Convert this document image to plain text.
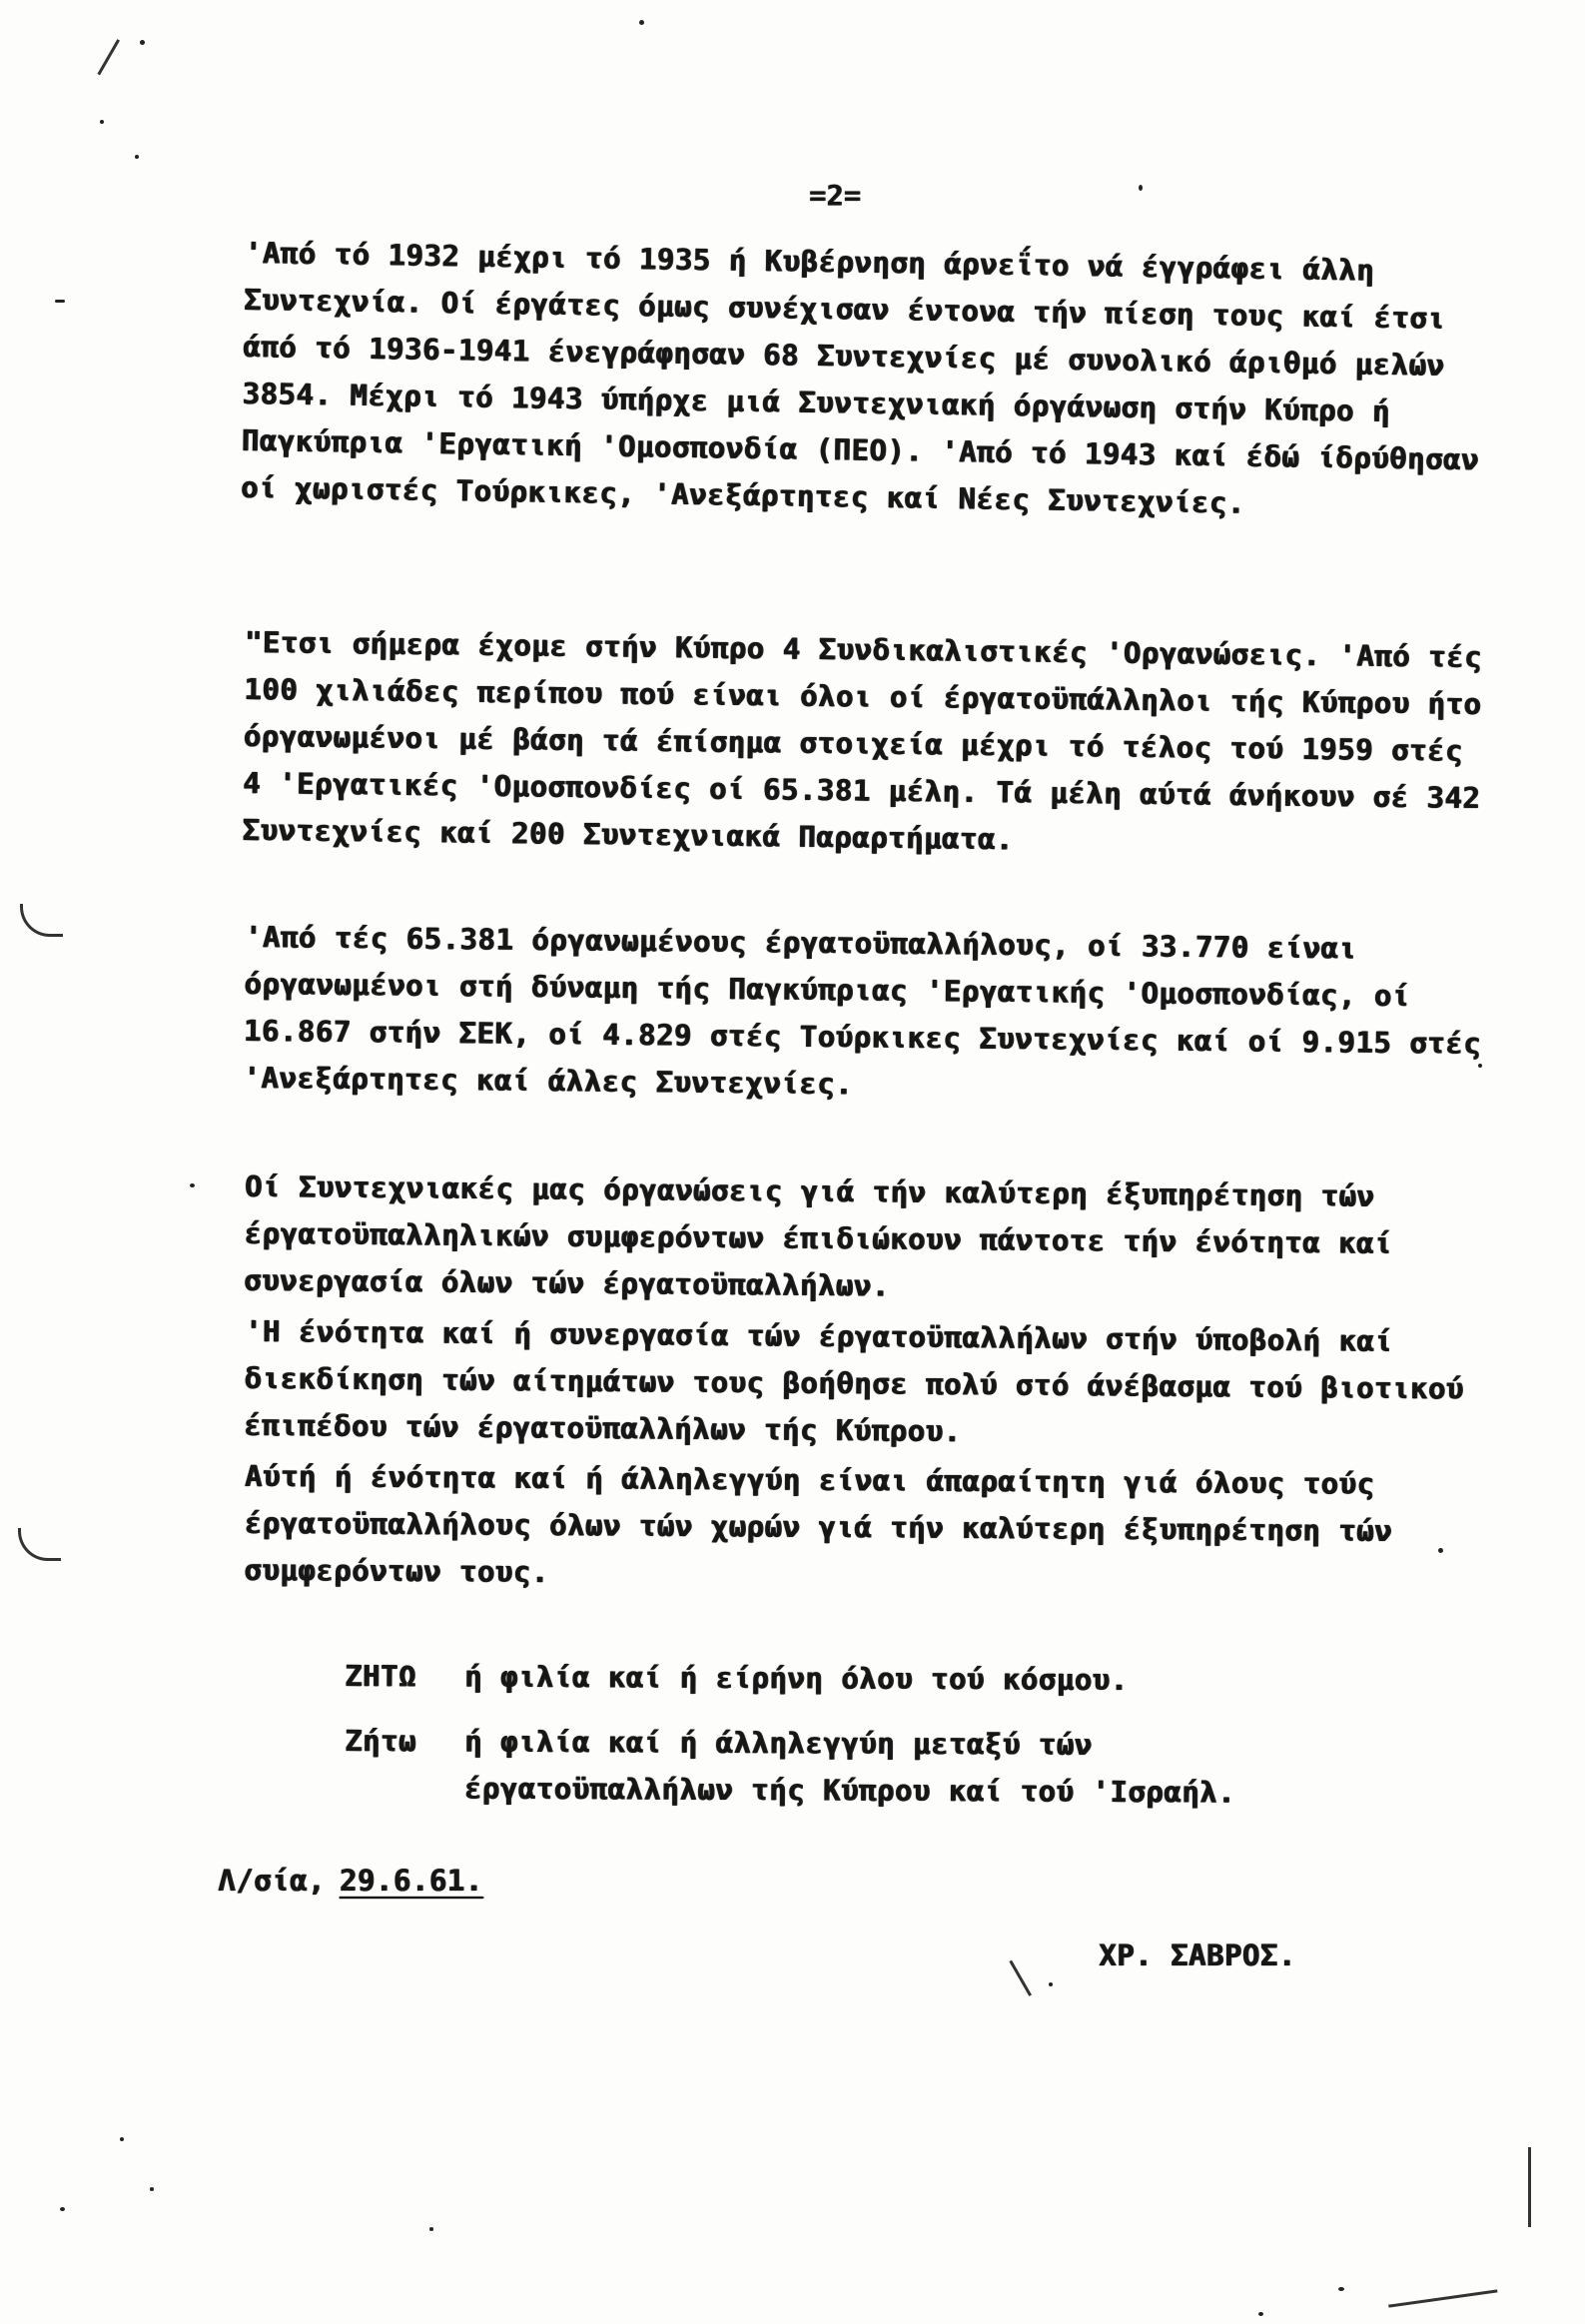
=2=

'Από τό 1932 μέχρι τό 1935 ή Κυβέρνηση άρνεΐτο νά έγγράφει άλλη Συντεχνία. Οί έργάτες όμως συνέχισαν έντονα τήν πίεση τους καί έτσι άπό τό 1936-1941 ένεγράφησαν 68 Συντεχνίες μέ συνολικό άριθμό μελών 3854. Μέχρι τό 1943 ύπήρχε μιά Συντεχνιακή όργάνωση στήν Κύπρο ή Παγκύπρια 'Εργατική 'Ομοσπονδία (ΠΕΟ). 'Από τό 1943 καί έδώ ίδρύθησαν οί χωριστές Τούρκικες, 'Ανεξάρτητες καί Νέες Συντεχνίες.

"Ετσι σήμερα έχομε στήν Κύπρο 4 Συνδικαλιστικές 'Οργανώσεις. 'Από τές 100 χιλιάδες περίπου πού είναι όλοι οί έργατοϋπάλληλοι τής Κύπρου ήτο όργανωμένοι μέ βάση τά έπίσημα στοιχεία μέχρι τό τέλος τού 1959 στές 4 'Εργατικές 'Ομοσπονδίες οί 65.381 μέλη. Τά μέλη αύτά άνήκουν σέ 342 Συντεχνίες καί 200 Συντεχνιακά Παραρτήματα.

'Από τές 65.381 όργανωμένους έργατοϋπαλλήλους, οί 33.770 είναι όργανωμένοι στή δύναμη τής Παγκύπριας 'Εργατικής 'Ομοσπονδίας, οί 16.867 στήν ΣΕΚ, οί 4.829 στές Τούρκικες Συντεχνίες καί οί 9.915 στές 'Ανεξάρτητες καί άλλες Συντεχνίες.

Οί Συντεχνιακές μας όργανώσεις γιά τήν καλύτερη έξυπηρέτηση τών έργατοϋπαλληλικών συμφερόντων έπιδιώκουν πάντοτε τήν ένότητα καί συνεργασία όλων τών έργατοϋπαλλήλων.

'Η ένότητα καί ή συνεργασία τών έργατοϋπαλλήλων στήν ύποβολή καί διεκδίκηση τών αίτημάτων τους βοήθησε πολύ στό άνέβασμα τού βιοτικού έπιπέδου τών έργατοϋπαλλήλων τής Κύπρου.

Αύτή ή ένότητα καί ή άλληλεγγύη είναι άπαραίτητη γιά όλους τούς έργατοϋπαλλήλους όλων τών χωρών γιά τήν καλύτερη έξυπηρέτηση τών συμφερόντων τους.

ΖΗΤΩ	ή φιλία καί ή είρήνη όλου τού κόσμου.
Ζήτω	ή φιλία καί ή άλληλεγγύη μεταξύ τών έργατοϋπαλλήλων τής Κύπρου καί τού 'Ισραήλ.
Λ/σία, 29.6.61.
ΧΡ. ΣΑΒΡΟΣ.
